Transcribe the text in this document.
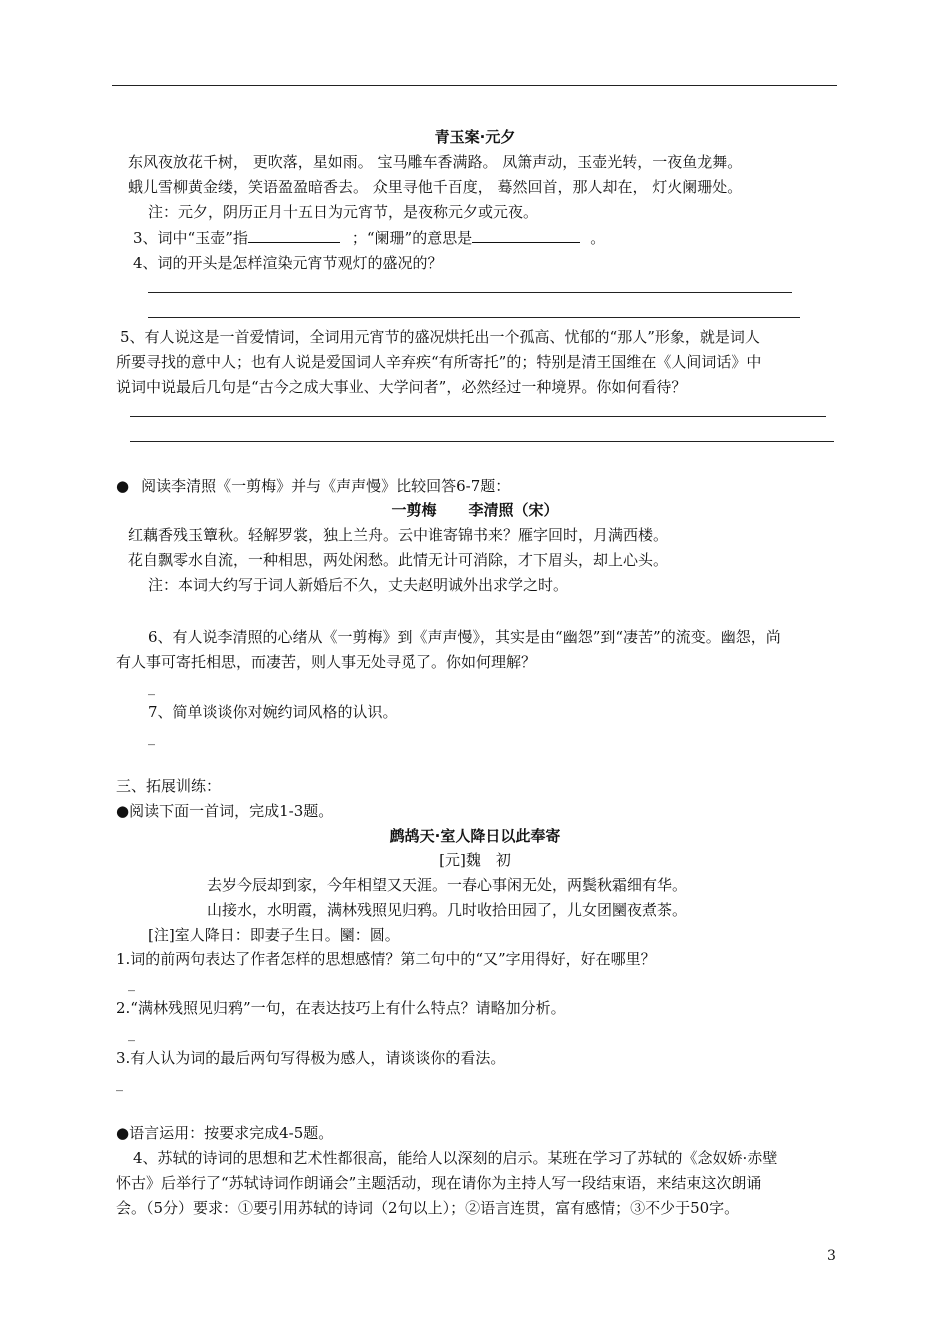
青玉案·元夕
东风夜放花千树， 更吹落，星如雨。 宝马雕车香满路。 凤箫声动，玉壶光转，一夜鱼龙舞。
蛾儿雪柳黄金缕，笑语盈盈暗香去。 众里寻他千百度， 蓦然回首，那人却在， 灯火阑珊处。
注：元夕，阴历正月十五日为元宵节，是夜称元夕或元夜。
3、词中“玉壶”指	；“阑珊”的意思是	。
4、词的开头是怎样渲染元宵节观灯的盛况的？
5、有人说这是一首爱情词，全词用元宵节的盛况烘托出一个孤高、忧郁的“那人”形象，就是词人
所要寻找的意中人；也有人说是爱国词人辛弃疾“有所寄托”的；特别是清王国维在《人间词话》中
说词中说最后几句是“古今之成大事业、大学问者”，必然经过一种境界。你如何看待？
● 阅读李清照《一剪梅》并与《声声慢》比较回答6-7题：
一剪梅 李清照（宋）
红藕香残玉簟秋。轻解罗裳，独上兰舟。云中谁寄锦书来？雁字回时，月满西楼。
花自飘零水自流，一种相思，两处闲愁。此情无计可消除，才下眉头，却上心头。
注：本词大约写于词人新婚后不久，丈夫赵明诚外出求学之时。
6、有人说李清照的心绪从《一剪梅》到《声声慢》，其实是由“幽怨”到“凄苦”的流变。幽怨，尚
有人事可寄托相思，而凄苦，则人事无处寻觅了。你如何理解？
_
7、简单谈谈你对婉约词风格的认识。
_
三、拓展训练：
●阅读下面一首词，完成1-3题。
鹧鸪天·室人降日以此奉寄
[元]魏　初
去岁今辰却到家，今年相望又天涯。一春心事闲无处，两鬓秋霜细有华。
山接水，水明霞，满林残照见归鸦。几时收拾田园了，儿女团圞夜煮茶。
[注]室人降日：即妻子生日。圞：圆。
1.词的前两句表达了作者怎样的思想感情？第二句中的“又”字用得好，好在哪里？
_
2.“满林残照见归鸦”一句，在表达技巧上有什么特点？请略加分析。
_
3.有人认为词的最后两句写得极为感人，请谈谈你的看法。
_
●语言运用：按要求完成4-5题。
4、苏轼的诗词的思想和艺术性都很高，能给人以深刻的启示。某班在学习了苏轼的《念奴娇·赤壁
怀古》后举行了“苏轼诗词作朗诵会”主题活动，现在请你为主持人写一段结束语，来结束这次朗诵
会。（5分）要求：①要引用苏轼的诗词（2句以上）；②语言连贯，富有感情；③不少于50字。
3
